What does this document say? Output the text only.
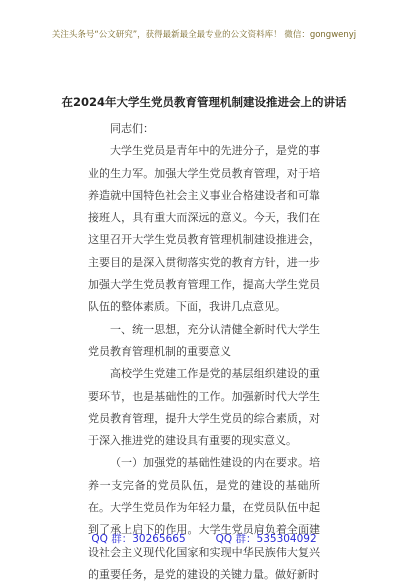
关注头条号“公文研究”，获得最新最全最专业的公文资料库！ 微信：gongwenyj
在2024年大学生党员教育管理机制建设推进会上的讲话

同志们：

大学生党员是青年中的先进分子，是党的事业的生力军。加强大学生党员教育管理，对于培养造就中国特色社会主义事业合格建设者和可靠接班人，具有重大而深远的意义。今天，我们在这里召开大学生党员教育管理机制建设推进会，主要目的是深入贯彻落实党的教育方针，进一步加强大学生党员教育管理工作，提高大学生党员队伍的整体素质。下面，我讲几点意见。

一、统一思想，充分认清健全新时代大学生党员教育管理机制的重要意义

高校学生党建工作是党的基层组织建设的重要环节，也是基础性的工作。加强新时代大学生党员教育管理，提升大学生党员的综合素质，对于深入推进党的建设具有重要的现实意义。

（一）加强党的基础性建设的内在要求。培养一支完备的党员队伍，是党的建设的基础所在。大学生党员作为年轻力量，在党员队伍中起到了承上启下的作用。大学生党员肩负着全面建设社会主义现代化国家和实现中华民族伟大复兴的重要任务，是党的建设的关键力量。做好新时

QQ 群：30265665	QQ 群：535304092
